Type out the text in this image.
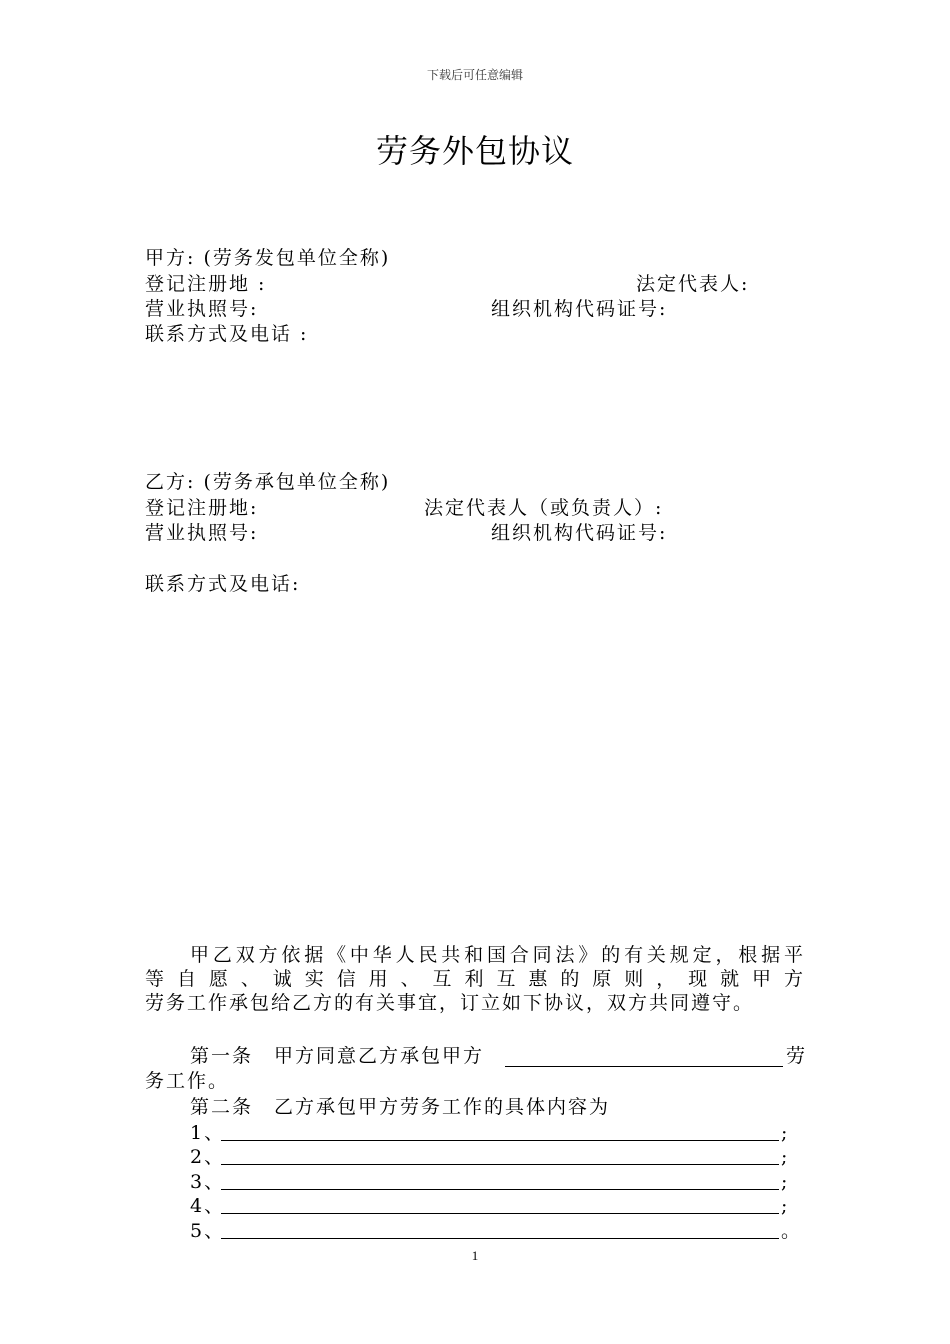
下载后可任意编辑
劳务外包协议
甲方: (劳务发包单位全称)
登记注册地 :	法定代表人:
营业执照号:	组织机构代码证号:
联系方式及电话 :
乙方: (劳务承包单位全称)
登记注册地:	法定代表人（或负责人）:
营业执照号:	组织机构代码证号:
联系方式及电话:
甲乙双方依据《中华人民共和国合同法》的有关规定，根据平
等自愿、诚实信用、互利互惠的原则，现就甲方
劳务工作承包给乙方的有关事宜，订立如下协议，双方共同遵守。
第一条　甲方同意乙方承包甲方	劳
务工作。
第二条　乙方承包甲方劳务工作的具体内容为
1、	;
2、	;
3、	;
4、	;
5、	。
1
